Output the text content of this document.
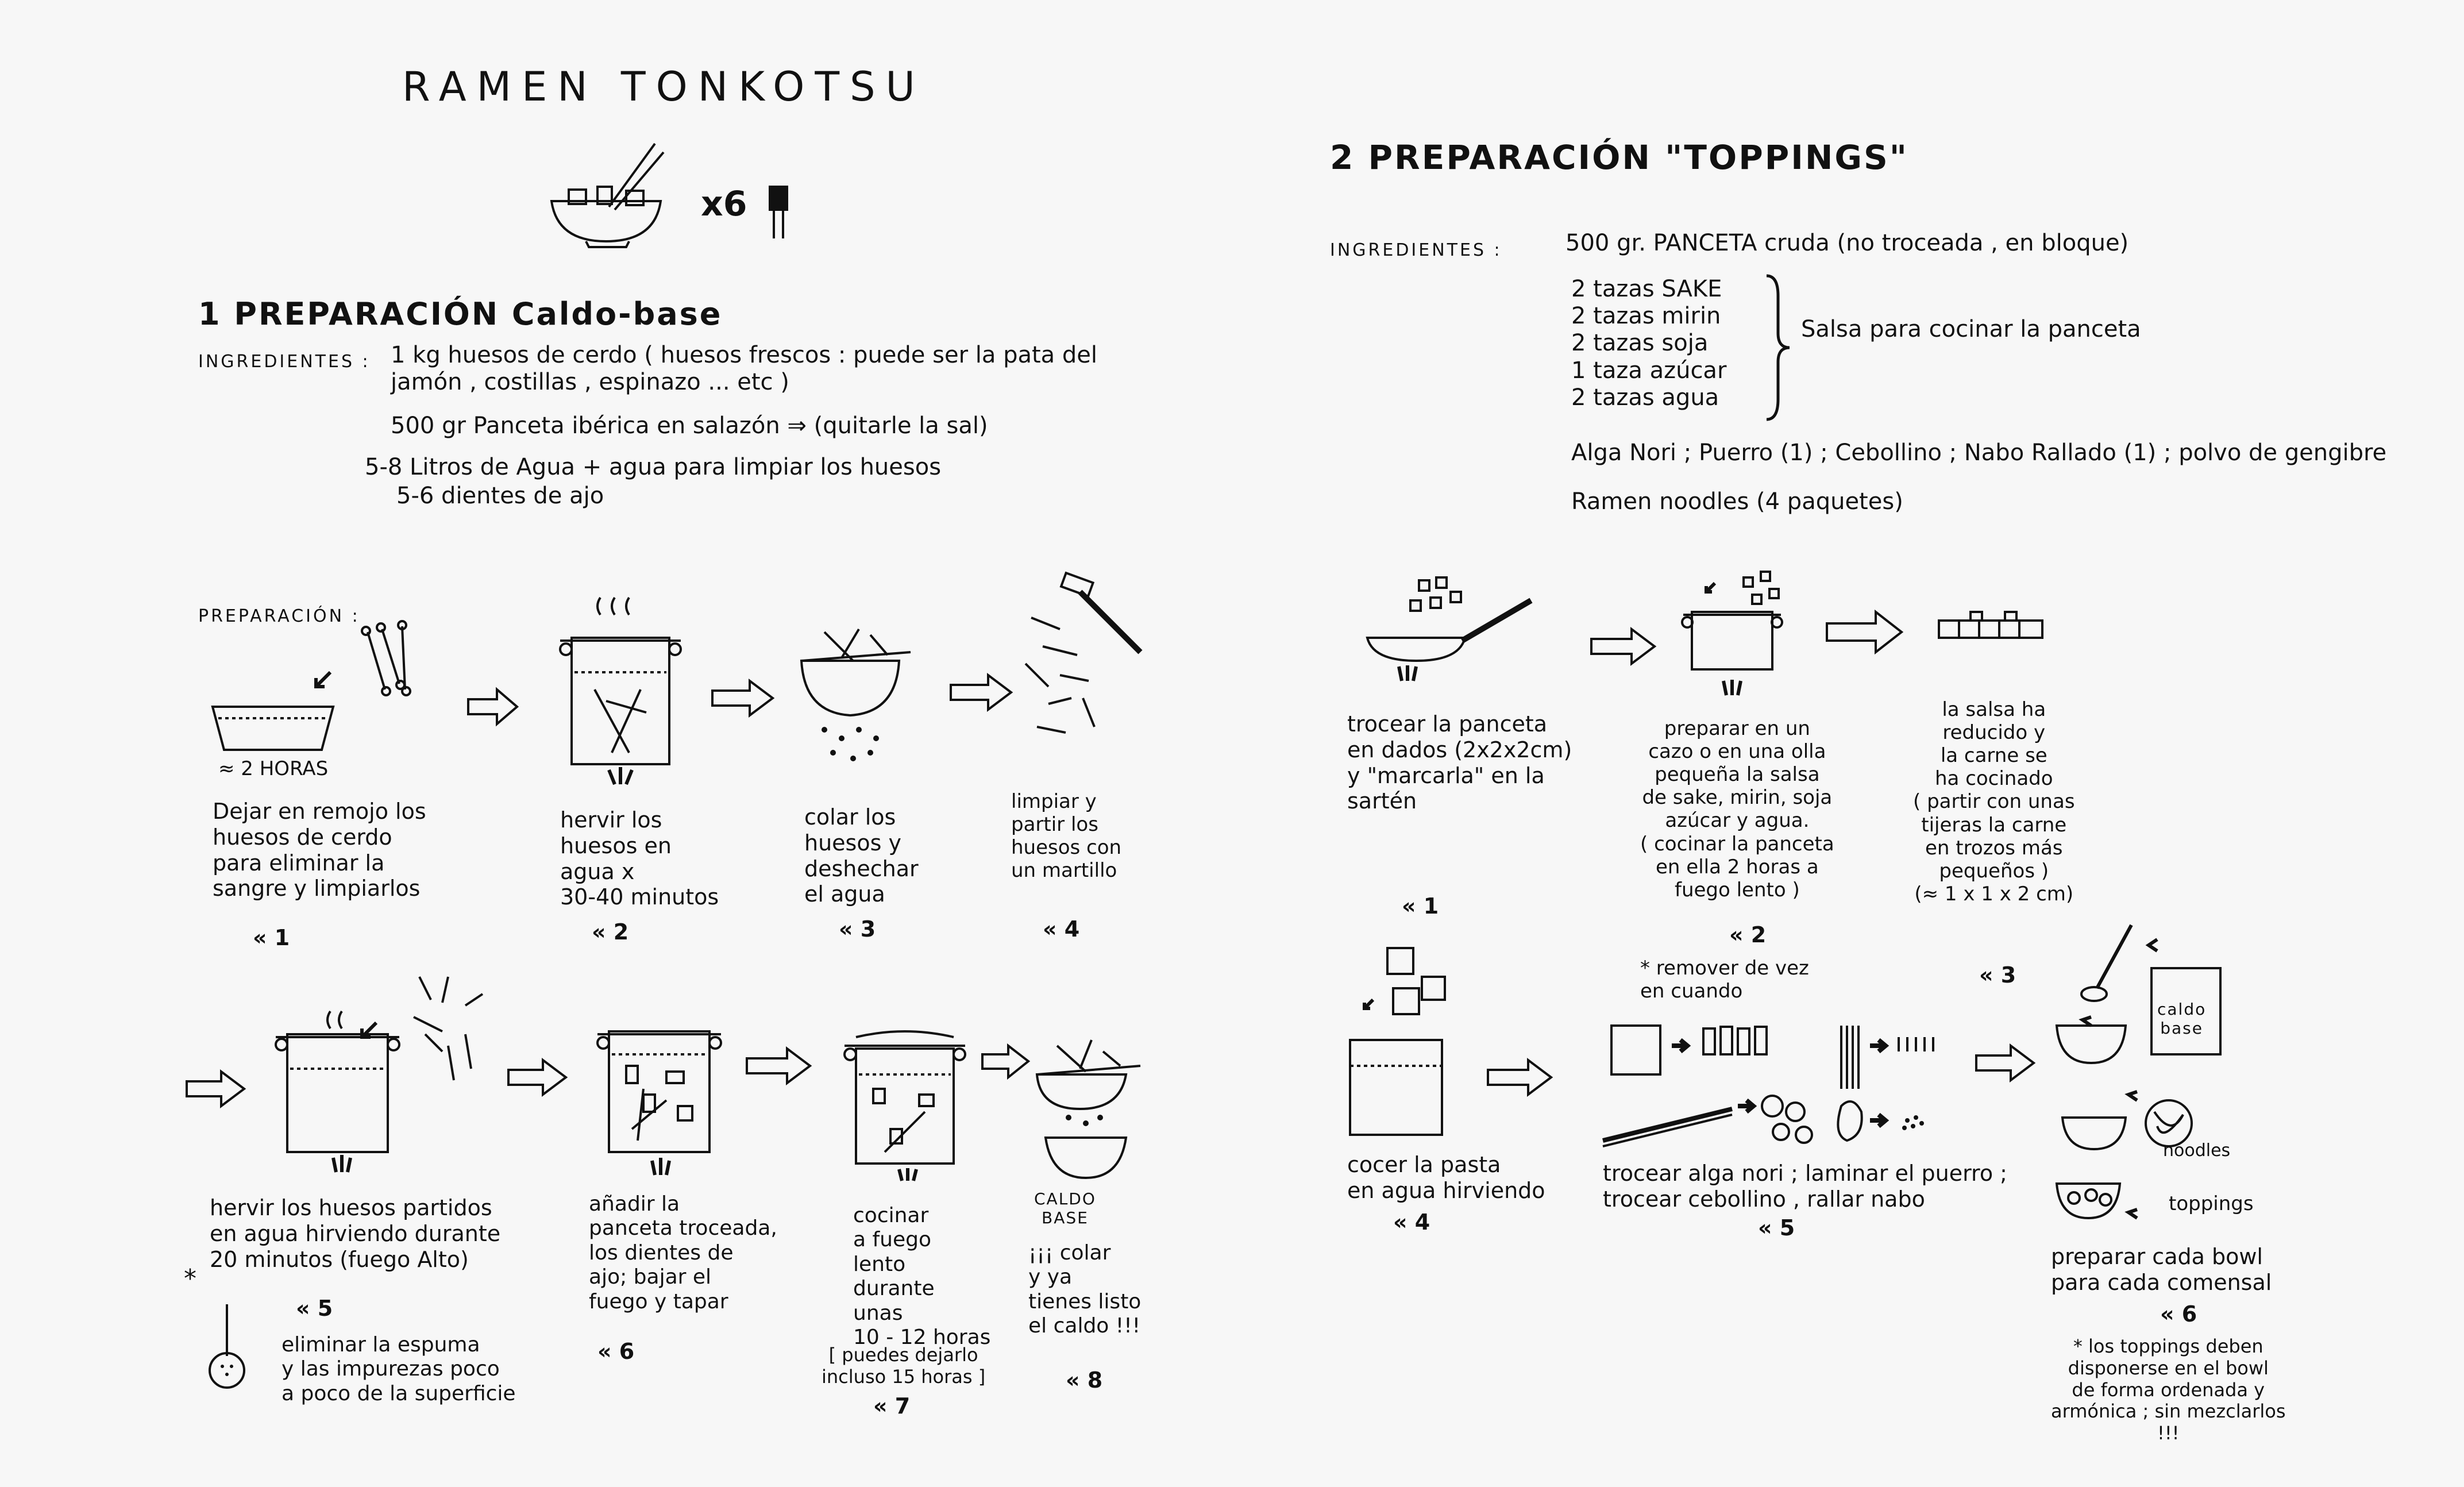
RAMEN TONKOTSU
x6
1 PREPARACIÓN Caldo-base
INGREDIENTES : 1 kg huesos de cerdo ( huesos frescos : puede ser la pata del
jamón , costillas , espinazo ... etc )
500 gr Panceta ibérica en salazón ⇒ (quitarle la sal)
5-8 Litros de Agua + agua para limpiar los huesos
5-6 dientes de ajo
PREPARACIÓN :
≈ 2 HORAS
Dejar en remojo los
huesos de cerdo
para eliminar la
sangre y limpiarlos
« 1
hervir los
huesos en
agua x
30-40 minutos
« 2
colar los
huesos y
deshechar
el agua
« 3
limpiar y
partir los
huesos con
un martillo
« 4
CALDO
BASE
hervir los huesos partidos
en agua hirviendo durante
20 minutos (fuego Alto)
*
« 5
eliminar la espuma
y las impurezas poco
a poco de la superficie
añadir la
panceta troceada,
los dientes de
ajo; bajar el
fuego y tapar
« 6
cocinar
a fuego
lento
durante
unas
10 - 12 horas
[ puedes dejarlo
incluso 15 horas ]
« 7
¡¡¡ colar
y ya
tienes listo
el caldo !!!
« 8
2 PREPARACIÓN "TOPPINGS"
INGREDIENTES :	500 gr. PANCETA cruda (no troceada , en bloque)
2 tazas SAKE
2 tazas mirin
2 tazas soja
1 taza azúcar
2 tazas agua
Salsa para cocinar la panceta
Alga Nori ; Puerro (1) ; Cebollino ; Nabo Rallado (1) ; polvo de gengibre
Ramen noodles (4 paquetes)
trocear la panceta
en dados (2x2x2cm)
y "marcarla" en la
sartén
« 1
preparar en un
cazo o en una olla
pequeña la salsa
de sake, mirin, soja
azúcar y agua.
( cocinar la panceta
en ella 2 horas a
fuego lento )
« 2
* remover de vez
en cuando
la salsa ha
reducido y
la carne se
ha cocinado
( partir con unas
tijeras la carne
en trozos más
pequeños )
(≈ 1 x 1 x 2 cm)
« 3
caldo
base
noodles
toppings
cocer la pasta
en agua hirviendo
« 4
trocear alga nori ; laminar el puerro ;
trocear cebollino , rallar nabo
« 5
preparar cada bowl
para cada comensal
« 6
* los toppings deben
disponerse en el bowl
de forma ordenada y
armónica ; sin mezclarlos
!!!
